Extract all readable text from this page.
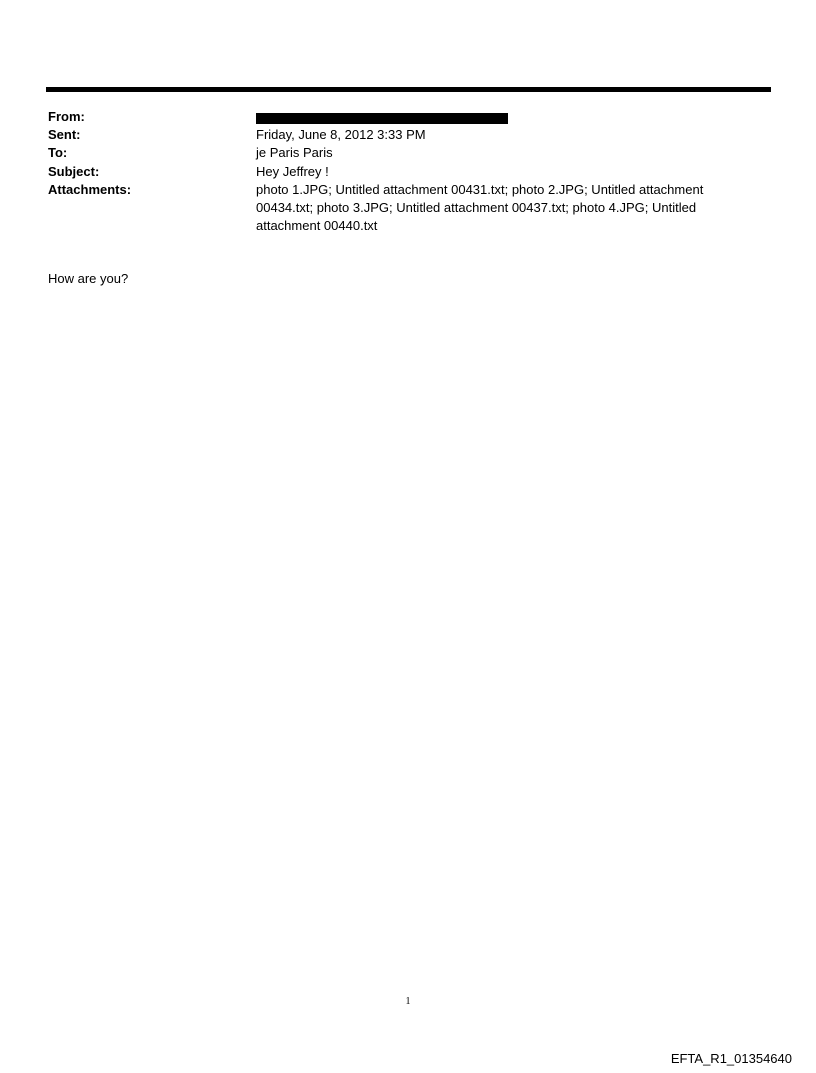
From:
Sent:	Friday, June 8, 2012 3:33 PM
To:	je Paris Paris
Subject:	Hey Jeffrey !
Attachments:	photo 1.JPG; Untitled attachment 00431.txt; photo 2.JPG; Untitled attachment 00434.txt; photo 3.JPG; Untitled attachment 00437.txt; photo 4.JPG; Untitled attachment 00440.txt
How are you?
1
EFTA_R1_01354640
